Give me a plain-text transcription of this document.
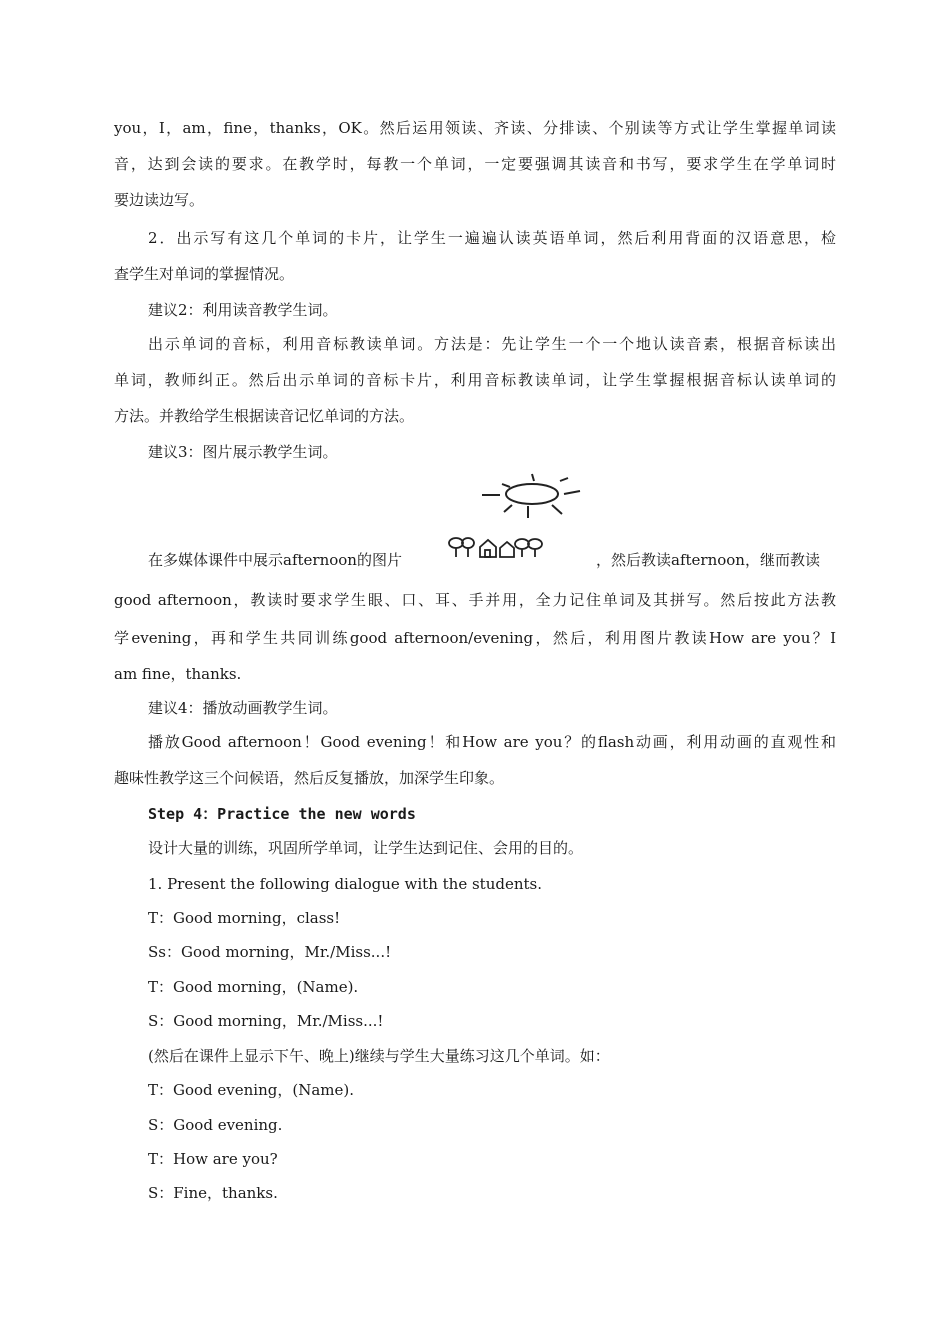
you，I，am，fine，thanks，OK。然后运用领读、齐读、分排读、个别读等方式让学生掌握单词读
音，达到会读的要求。在教学时，每教一个单词，一定要强调其读音和书写，要求学生在学单词时
要边读边写。
2．出示写有这几个单词的卡片，让学生一遍遍认读英语单词，然后利用背面的汉语意思，检
查学生对单词的掌握情况。
建议2：利用读音教学生词。
出示单词的音标，利用音标教读单词。方法是：先让学生一个一个地认读音素，根据音标读出
单词，教师纠正。然后出示单词的音标卡片，利用音标教读单词，让学生掌握根据音标认读单词的
方法。并教给学生根据读音记忆单词的方法。
建议3：图片展示教学生词。
在多媒体课件中展示afternoon的图片	，然后教读afternoon，继而教读
good afternoon，教读时要求学生眼、口、耳、手并用，全力记住单词及其拼写。然后按此方法教
学evening，再和学生共同训练good afternoon/evening，然后，利用图片教读How are you？I
am fine，thanks.
建议4：播放动画教学生词。
播放Good afternoon！Good evening！和How are you？的flash动画，利用动画的直观性和
趣味性教学这三个问候语，然后反复播放，加深学生印象。
Step 4：Practice the new words
设计大量的训练，巩固所学单词，让学生达到记住、会用的目的。
1. Present the following dialogue with the students.
T：Good morning，class!
Ss：Good morning，Mr./Miss...!
T：Good morning，(Name).
S：Good morning，Mr./Miss...!
(然后在课件上显示下午、晚上)继续与学生大量练习这几个单词。如：
T：Good evening，(Name).
S：Good evening.
T：How are you?
S：Fine，thanks.
